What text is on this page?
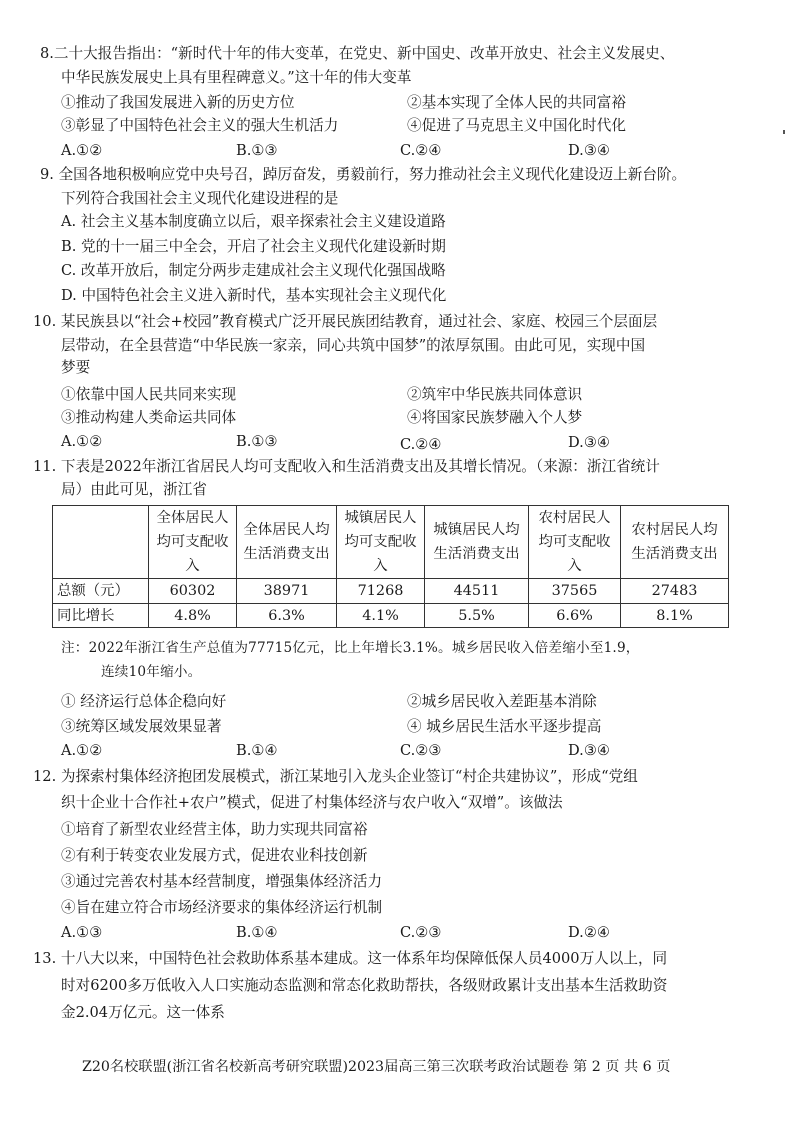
8.二十大报告指出：“新时代十年的伟大变革，在党史、新中国史、改革开放史、社会主义发展史、
中华民族发展史上具有里程碑意义。”这十年的伟大变革
①推动了我国发展进入新的历史方位	②基本实现了全体人民的共同富裕
③彰显了中国特色社会主义的强大生机活力	④促进了马克思主义中国化时代化
A.①②	B.①③	C.②④	D.③④
9. 全国各地积极响应党中央号召，踔厉奋发，勇毅前行，努力推动社会主义现代化建设迈上新台阶。
下列符合我国社会主义现代化建设进程的是
A. 社会主义基本制度确立以后，艰辛探索社会主义建设道路
B. 党的十一届三中全会，开启了社会主义现代化建设新时期
C. 改革开放后，制定分两步走建成社会主义现代化强国战略
D. 中国特色社会主义进入新时代，基本实现社会主义现代化
10. 某民族县以“社会+校园”教育模式广泛开展民族团结教育，通过社会、家庭、校园三个层面层
层带动，在全县营造“中华民族一家亲，同心共筑中国梦”的浓厚氛围。由此可见，实现中国
梦要
①依靠中国人民共同来实现	②筑牢中华民族共同体意识
③推动构建人类命运共同体	④将国家民族梦融入个人梦
A.①②	B.①③	C.②④	D.③④
11. 下表是2022年浙江省居民人均可支配收入和生活消费支出及其增长情况。（来源：浙江省统计
局）由此可见，浙江省

	全体居民人均可支配收入	全体居民人均生活消费支出	城镇居民人均可支配收入	城镇居民人均生活消费支出	农村居民人均可支配收入	农村居民人均生活消费支出

总额（元）	60302	38971	71268	44511	37565	27483
同比增长	4.8%	6.3%	4.1%	5.5%	6.6%	8.1%
注：2022年浙江省生产总值为77715亿元，比上年增长3.1%。城乡居民收入倍差缩小至1.9，
连续10年缩小。
① 经济运行总体企稳向好	②城乡居民收入差距基本消除
③统筹区域发展效果显著	④ 城乡居民生活水平逐步提高
A.①②	B.①④	C.②③	D.③④
12. 为探索村集体经济抱团发展模式，浙江某地引入龙头企业签订“村企共建协议”，形成“党组
织十企业十合作社+农户”模式，促进了村集体经济与农户收入“双增”。该做法
①培育了新型农业经营主体，助力实现共同富裕
②有利于转变农业发展方式，促进农业科技创新
③通过完善农村基本经营制度，增强集体经济活力
④旨在建立符合市场经济要求的集体经济运行机制
A.①③	B.①④	C.②③	D.②④
13. 十八大以来，中国特色社会救助体系基本建成。这一体系年均保障低保人员4000万人以上，同
时对6200多万低收入人口实施动态监测和常态化救助帮扶，各级财政累计支出基本生活救助资
金2.04万亿元。这一体系
Z20名校联盟(浙江省名校新高考研究联盟)2023届高三第三次联考政治试题卷 第 2 页 共 6 页
